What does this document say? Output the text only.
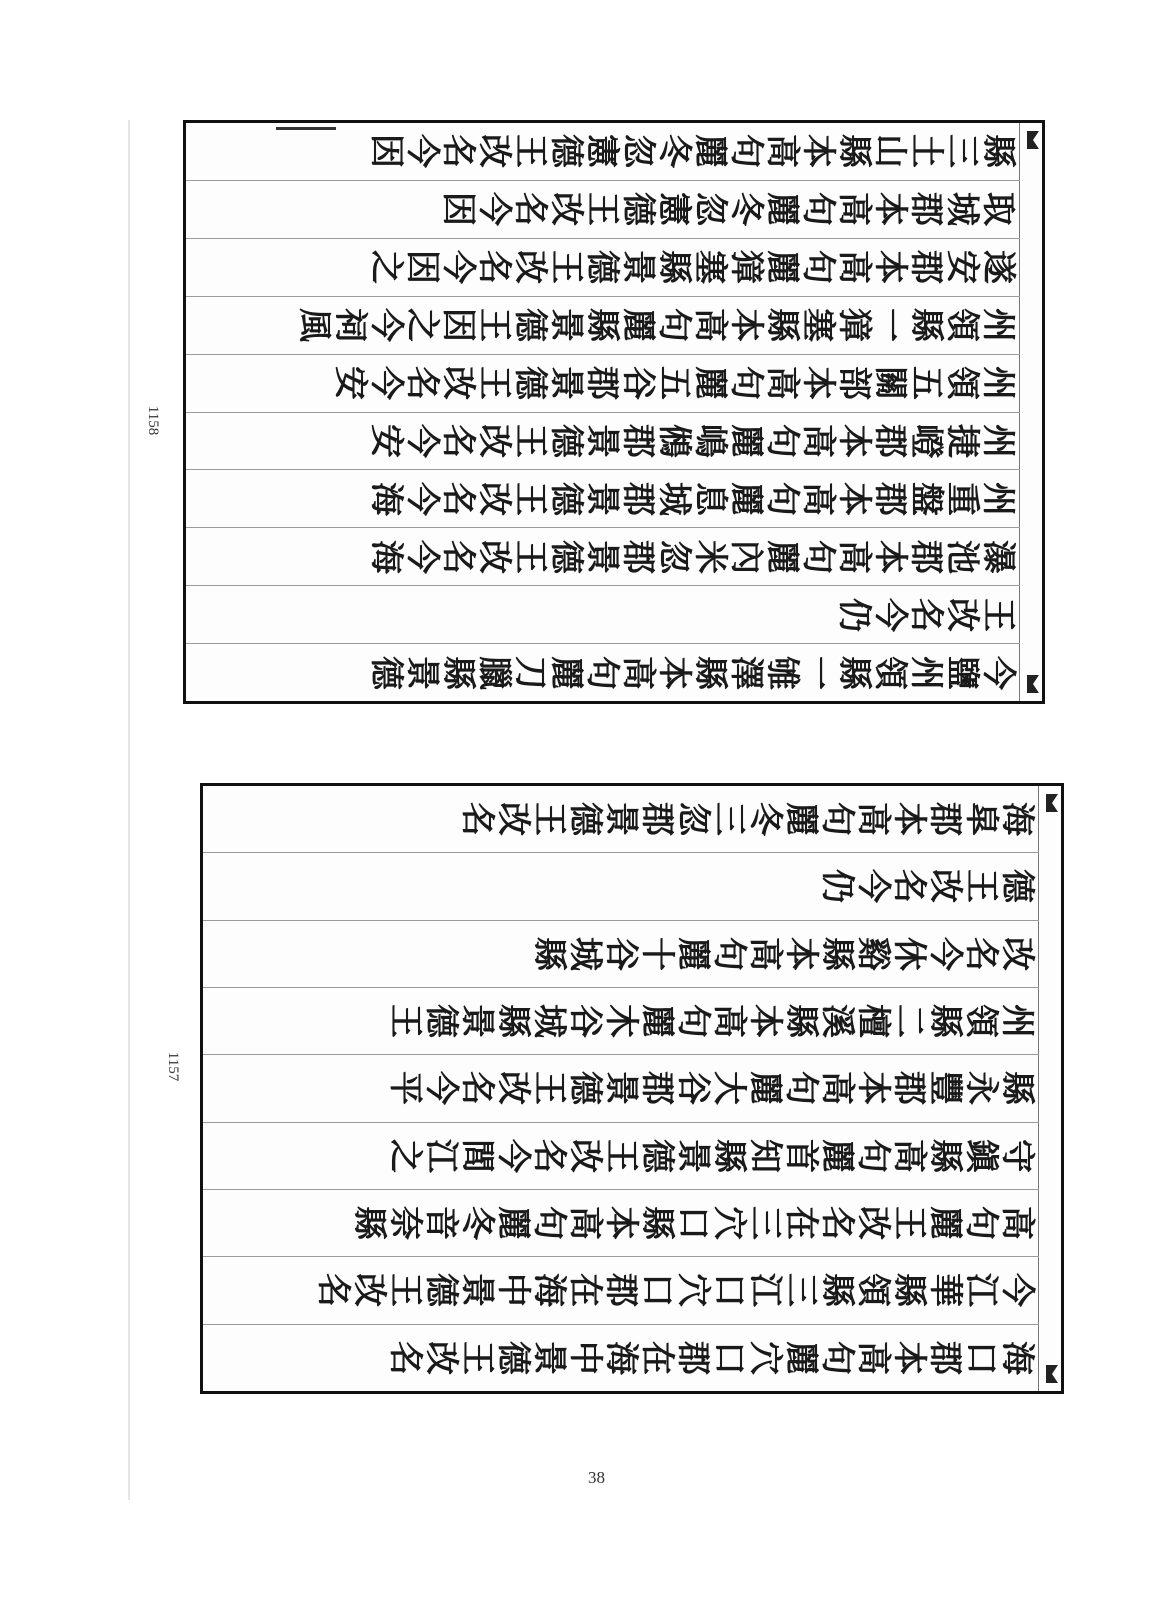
1158
1157
38
縣
三
土
山
縣
本
高
句
麗
冬
忽
憲
德
王
改
名
今
因
取
城
郡
本
高
句
麗
冬
忽
憲
德
王
改
名
今
因
遂
安
郡
本
高
句
麗
獐
塞
縣
景
德
王
改
名
今
因
之
州
領
縣
一
獐
塞
縣
本
高
句
麗
縣
景
德
王
因
之
今
祠
風
州
領
五
關
部
本
高
句
麗
五
谷
郡
景
德
王
改
名
今
安
州
捷
嶝
郡
本
高
句
麗
嶋
鵂
郡
景
德
王
改
名
今
安
州
重
盤
郡
本
高
句
麗
息
城
郡
景
德
王
改
名
今
海
瀑
池
郡
本
高
句
麗
內
米
忽
郡
景
德
王
改
名
今
海
王
改
名
今
仍
今
鹽
州
領
縣
一
雊
澤
縣
本
高
句
麗
刀
臘
縣
景
德
海
皐
郡
本
高
句
麗
冬
三
忽
郡
景
德
王
改
名
德
王
改
名
今
仍
改
名
今
休
谿
縣
本
高
句
麗
十
谷
城
縣
州
領
縣
二
檀
溪
縣
本
高
句
麗
木
谷
城
縣
景
德
王
縣
永
豐
郡
本
高
句
麗
大
谷
郡
景
德
王
改
名
今
平
守
鎭
縣
高
句
麗
首
知
縣
景
德
王
改
名
今
閭
江
之
高
句
麗
王
改
名
在
三
穴
口
縣
本
高
句
麗
冬
音
奈
縣
今
江
華
縣
領
縣
三
江
口
穴
口
郡
在
海
中
景
德
王
改
名
海
口
郡
本
高
句
麗
穴
口
郡
在
海
中
景
德
王
改
名
